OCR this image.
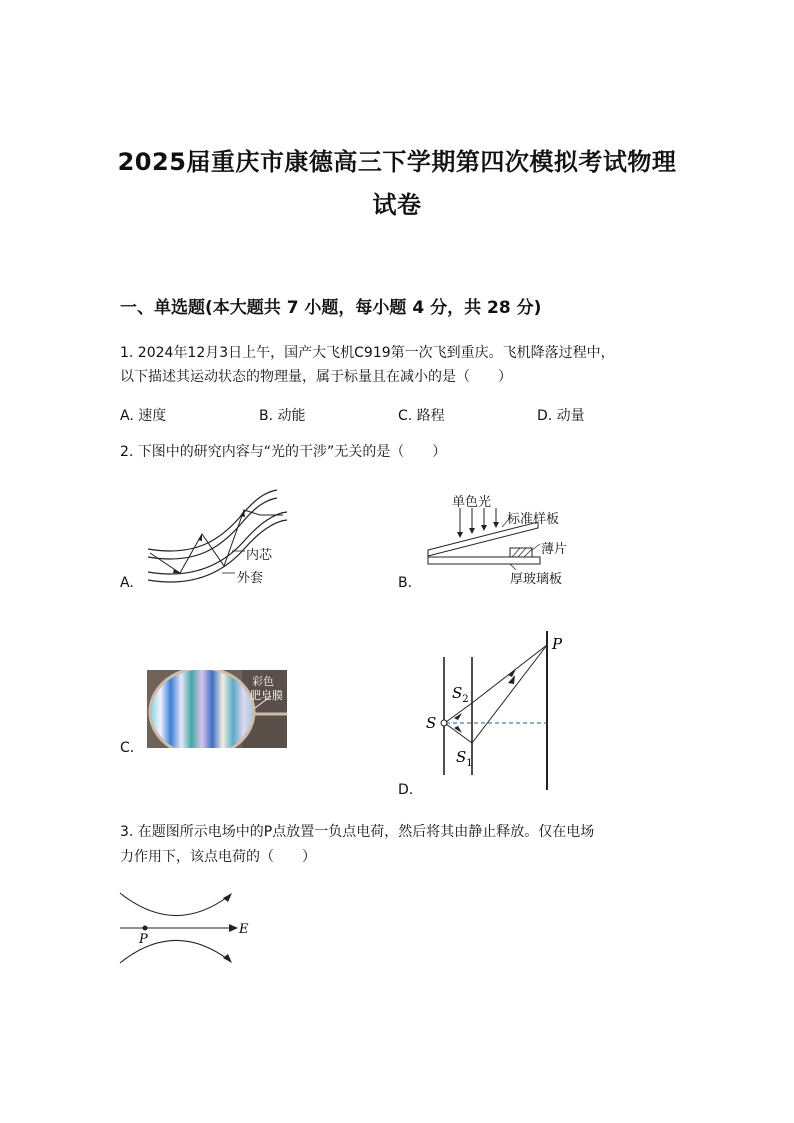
2025届重庆市康德高三下学期第四次模拟考试物理
试卷
一、单选题(本大题共 7 小题，每小题 4 分，共 28 分)
1. 2024年12月3日上午，国产大飞机C919第一次飞到重庆。飞机降落过程中，
以下描述其运动状态的物理量，属于标量且在减小的是（　　）
A. 速度	B. 动能	C. 路程	D. 动量
2. 下图中的研究内容与“光的干涉”无关的是（　　）
内芯
外套
A.
单色光
标准样板
薄片
厚玻璃板
B.
彩色
肥皂膜
C.
S
$S_2$
$S_1$
P
D.
3. 在题图所示电场中的P点放置一负点电荷，然后将其由静止释放。仅在电场
力作用下，该点电荷的（　　）
P
E
